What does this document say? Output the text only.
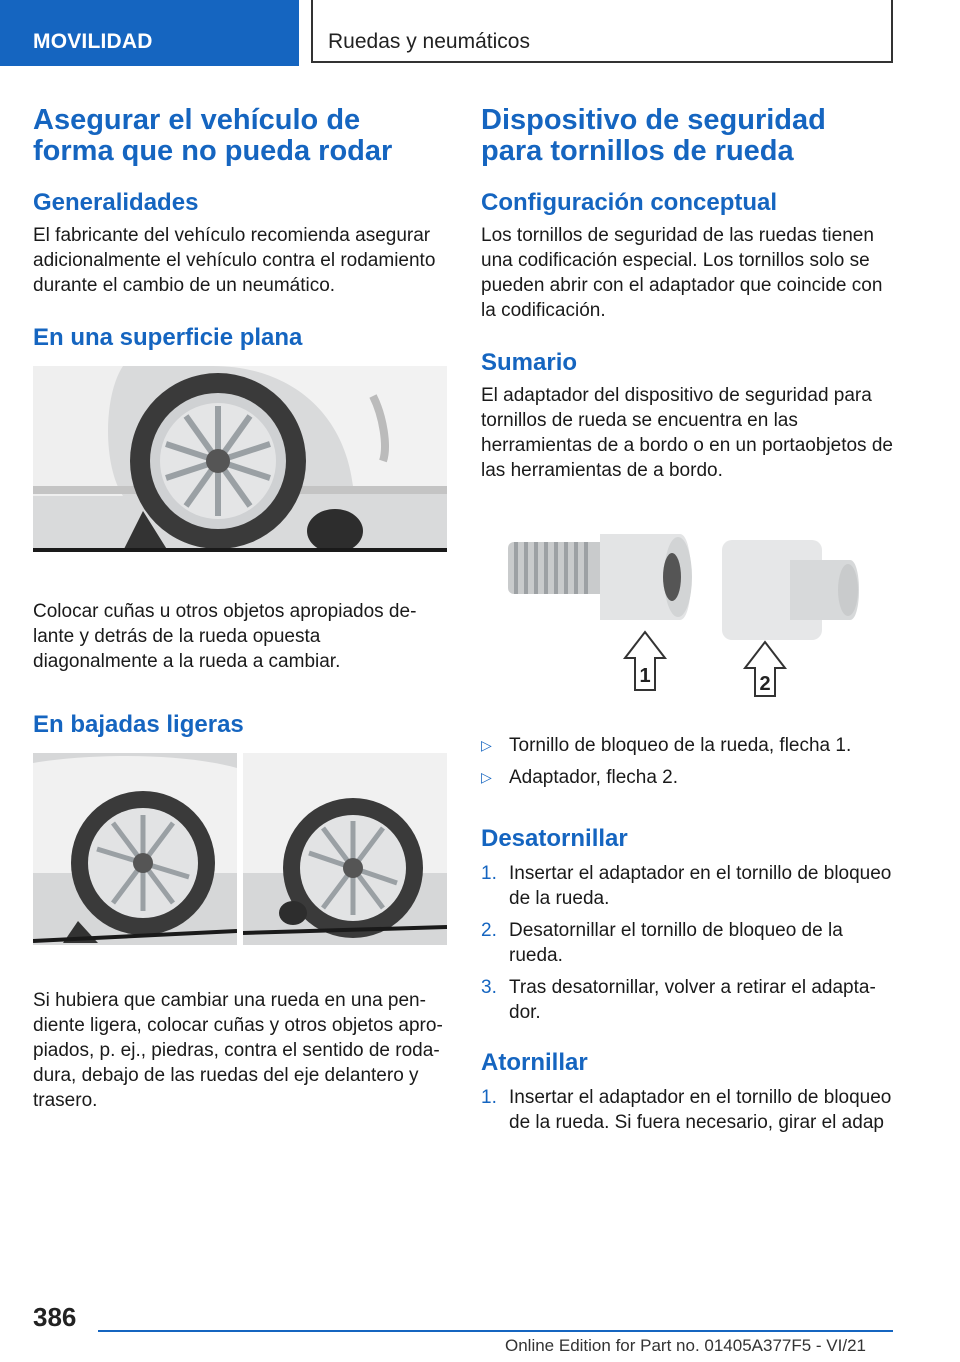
MOVILIDAD	Ruedas y neumáticos
Asegurar el vehículo de forma que no pueda rodar
Generalidades

El fabricante del vehículo recomienda asegurar adicionalmente el vehículo contra el rodamiento durante el cambio de un neumático.

En una superficie plana

Colocar cuñas u otros objetos apropiados delante y detrás de la rueda opuesta diagonalmente a la rueda a cambiar.

En bajadas ligeras

Si hubiera que cambiar una rueda en una pendiente ligera, colocar cuñas y otros objetos apropiados, p. ej., piedras, contra el sentido de rodadura, debajo de las ruedas del eje delantero y trasero.

Dispositivo de seguridad para tornillos de rueda
Configuración conceptual

Los tornillos de seguridad de las ruedas tienen una codificación especial. Los tornillos solo se pueden abrir con el adaptador que coincide con la codificación.

Sumario

El adaptador del dispositivo de seguridad para tornillos de rueda se encuentra en las herramientas de a bordo o en un portaobjetos de las herramientas de a bordo.

1	2
▷ Tornillo de bloqueo de la rueda, flecha 1.
▷ Adaptador, flecha 2.
Desatornillar
1. Insertar el adaptador en el tornillo de bloqueo de la rueda.
2. Desatornillar el tornillo de bloqueo de la rueda.
3. Tras desatornillar, volver a retirar el adaptador.
Atornillar
1. Insertar el adaptador en el tornillo de bloqueo de la rueda. Si fuera necesario, girar el adap
386
Online Edition for Part no. 01405A377F5 - VI/21
